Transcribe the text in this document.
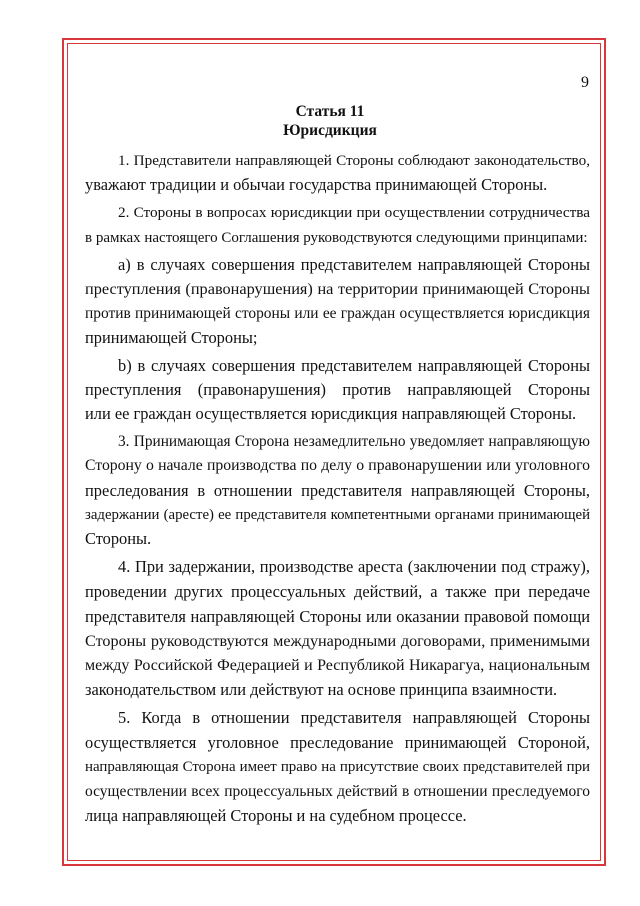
9
Статья 11
Юрисдикция
1. Представители направляющей Стороны соблюдают законодательство,
уважают традиции и обычаи государства принимающей Стороны.
2. Стороны в вопросах юрисдикции при осуществлении сотрудничества
в рамках настоящего Соглашения руководствуются следующими принципами:
a) в случаях совершения представителем направляющей Стороны
преступления (правонарушения) на территории принимающей Стороны
против принимающей стороны или ее граждан осуществляется юрисдикция
принимающей Стороны;
b) в случаях совершения представителем направляющей Стороны
преступления (правонарушения) против направляющей Стороны
или ее граждан осуществляется юрисдикция направляющей Стороны.
3. Принимающая Сторона незамедлительно уведомляет направляющую
Сторону о начале производства по делу о правонарушении или уголовного
преследования в отношении представителя направляющей Стороны,
задержании (аресте) ее представителя компетентными органами принимающей
Стороны.
4. При задержании, производстве ареста (заключении под стражу),
проведении других процессуальных действий, а также при передаче
представителя направляющей Стороны или оказании правовой помощи
Стороны руководствуются международными договорами, применимыми
между Российской Федерацией и Республикой Никарагуа, национальным
законодательством или действуют на основе принципа взаимности.
5. Когда в отношении представителя направляющей Стороны
осуществляется уголовное преследование принимающей Стороной,
направляющая Сторона имеет право на присутствие своих представителей при
осуществлении всех процессуальных действий в отношении преследуемого
лица направляющей Стороны и на судебном процессе.
